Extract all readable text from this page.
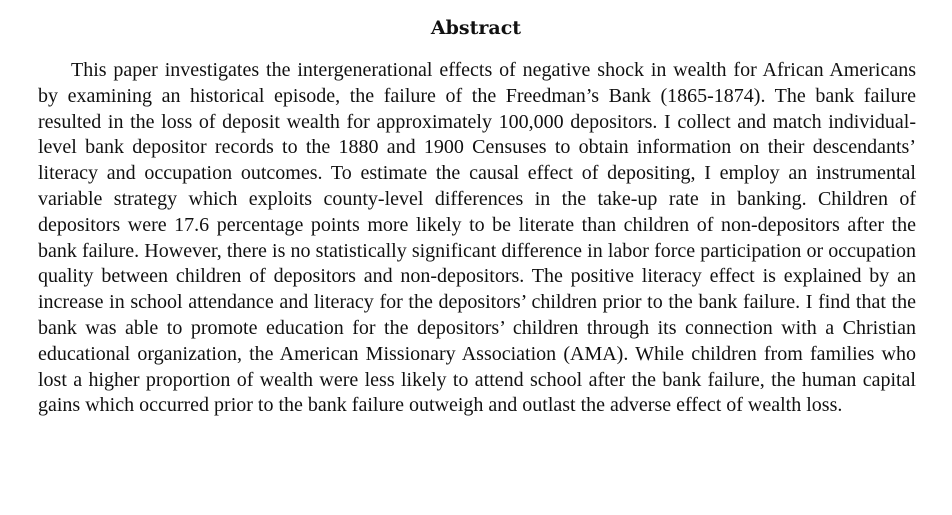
Abstract

This paper investigates the intergenerational effects of negative shock in wealth for African Americans by examining an historical episode, the failure of the Freedman’s Bank (1865-1874). The bank failure resulted in the loss of deposit wealth for approximately 100,000 depositors. I collect and match individual-level bank depositor records to the 1880 and 1900 Censuses to obtain information on their descendants’ literacy and occupation outcomes. To estimate the causal effect of depositing, I employ an instrumental variable strategy which exploits county-level differences in the take-up rate in banking. Children of depositors were 17.6 percentage points more likely to be literate than children of non-depositors after the bank failure. However, there is no statistically significant difference in labor force participation or occupation quality between children of depositors and non-depositors. The positive literacy effect is explained by an increase in school attendance and literacy for the depositors’ children prior to the bank failure. I find that the bank was able to promote education for the depositors’ children through its connection with a Christian educational organization, the American Missionary Association (AMA). While children from families who lost a higher proportion of wealth were less likely to attend school after the bank failure, the human capital gains which occurred prior to the bank failure outweigh and outlast the adverse effect of wealth loss.
